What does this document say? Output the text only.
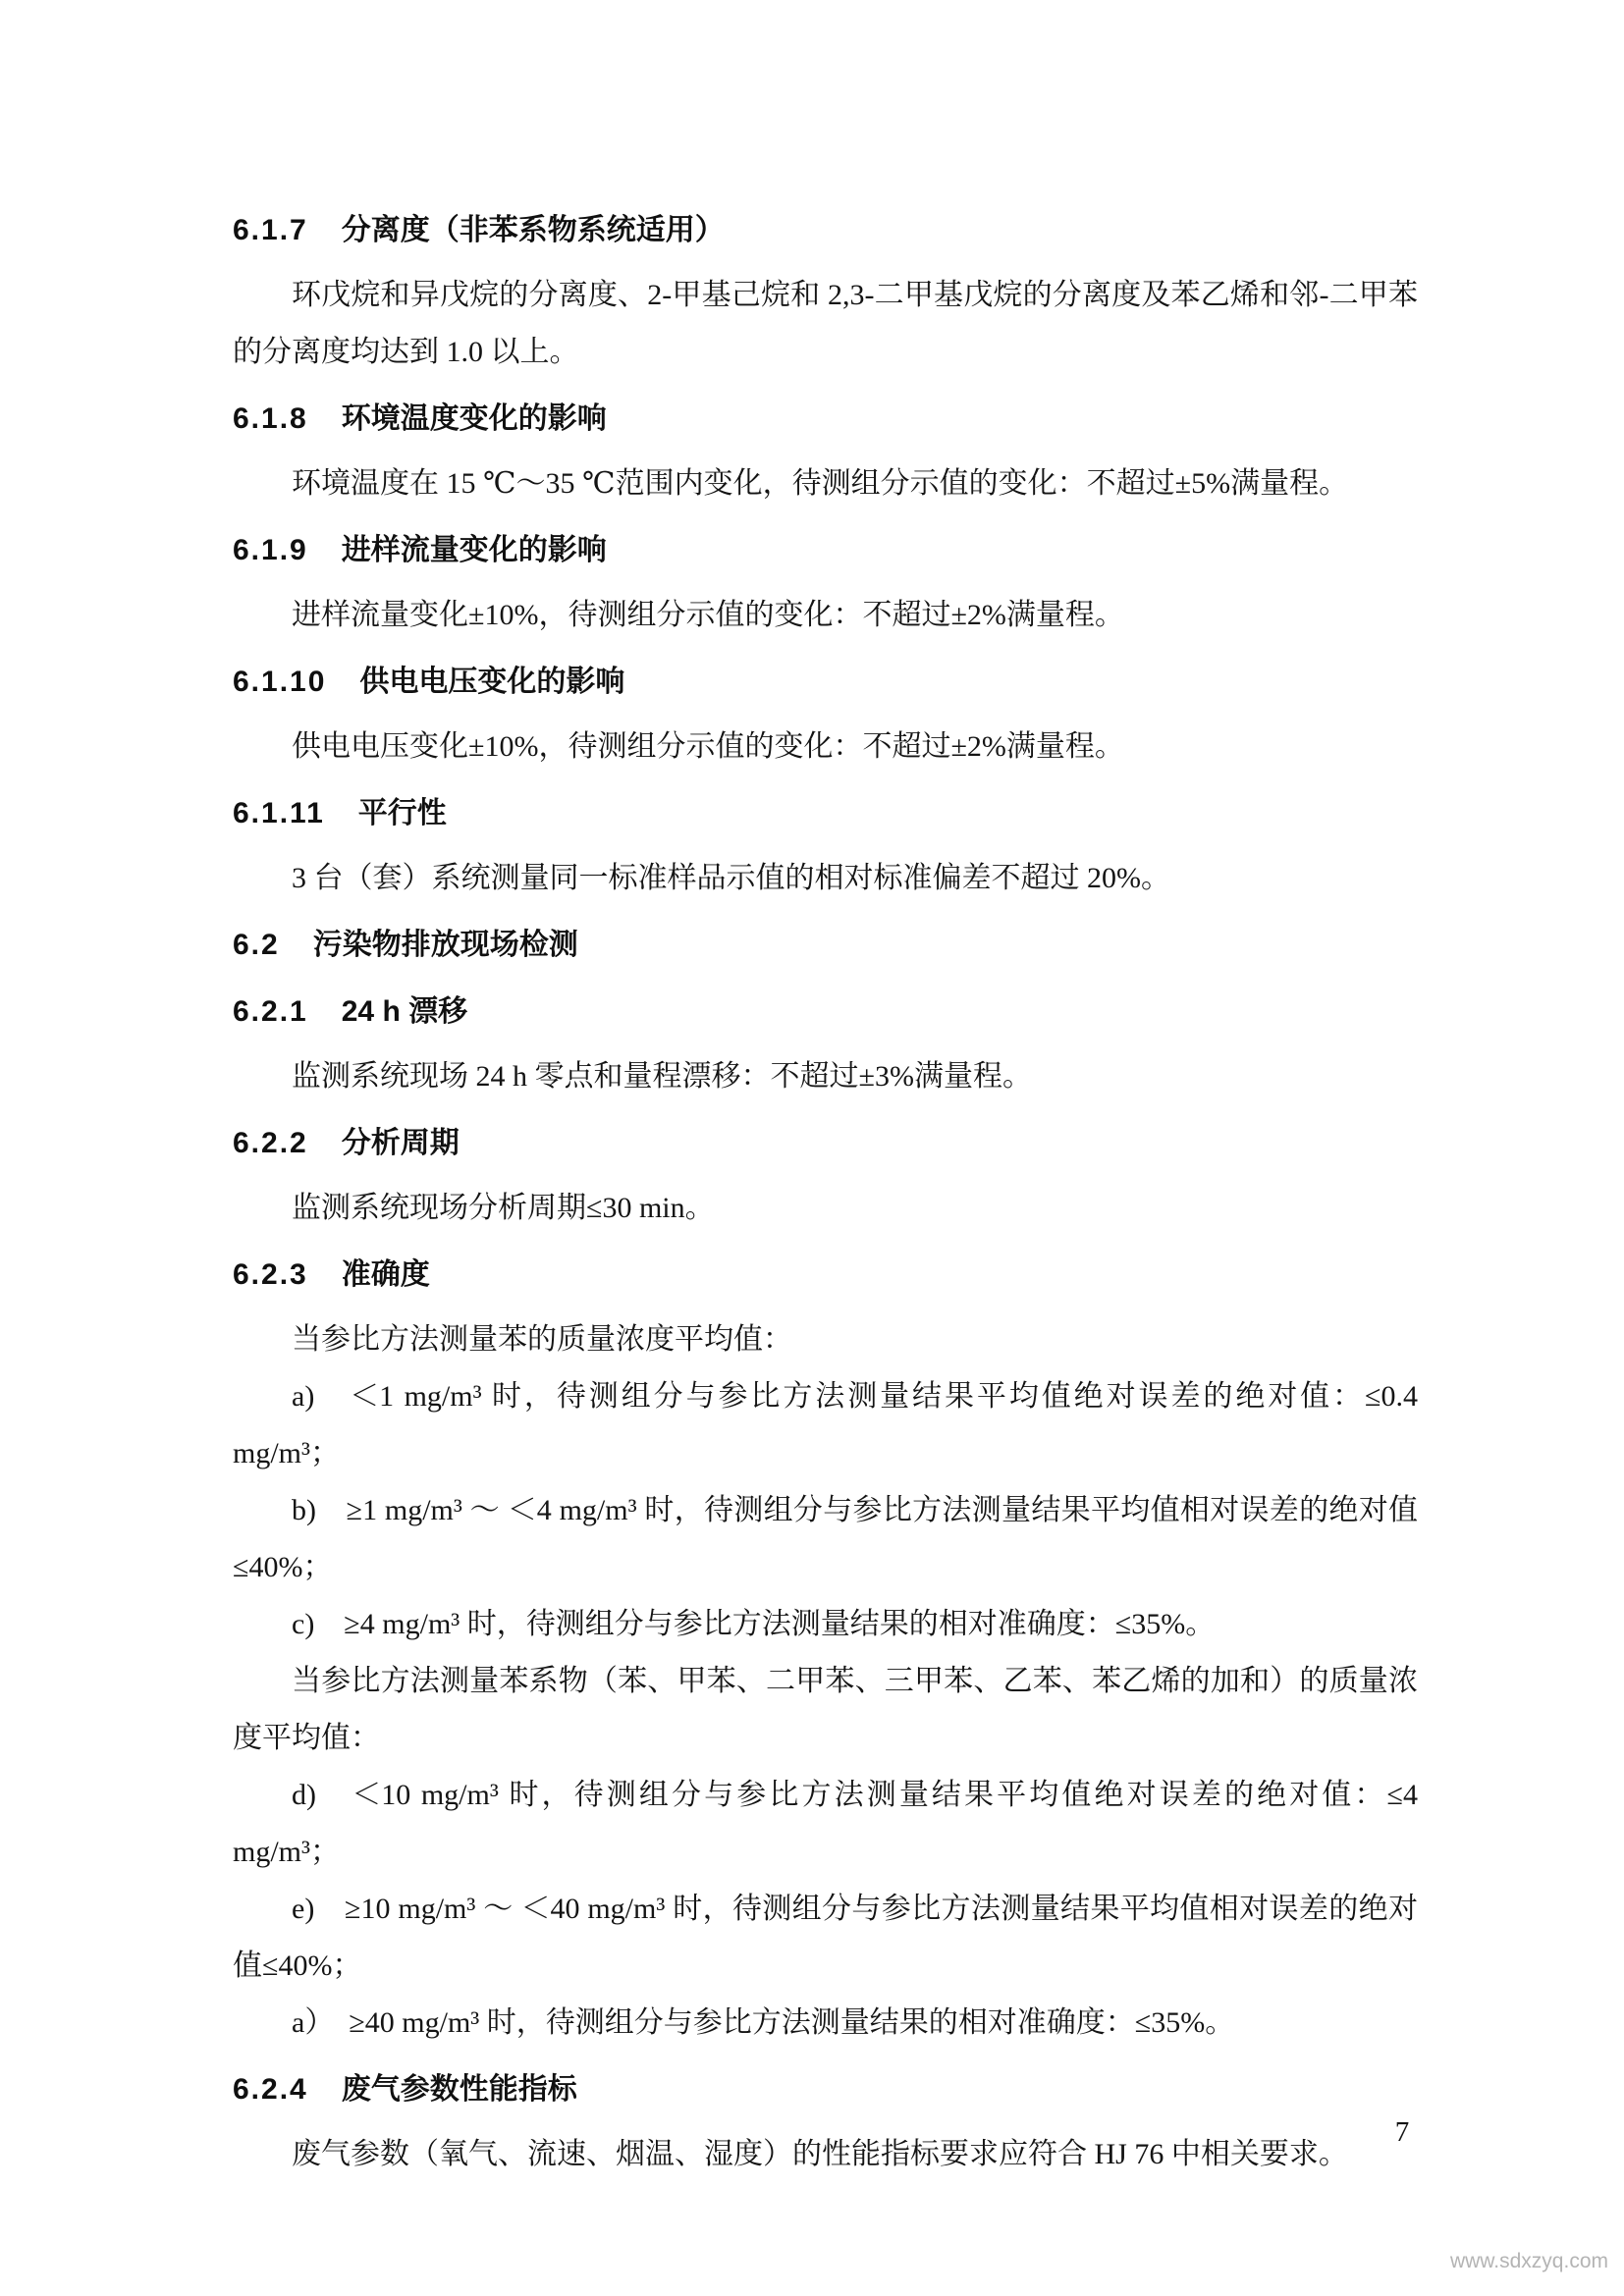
6.1.7 分离度（非苯系物系统适用）

环戊烷和异戊烷的分离度、2-甲基己烷和 2,3-二甲基戊烷的分离度及苯乙烯和邻-二甲苯的分离度均达到 1.0 以上。

6.1.8 环境温度变化的影响

环境温度在 15 ℃～35 ℃范围内变化，待测组分示值的变化：不超过±5%满量程。

6.1.9 进样流量变化的影响

进样流量变化±10%，待测组分示值的变化：不超过±2%满量程。

6.1.10 供电电压变化的影响

供电电压变化±10%，待测组分示值的变化：不超过±2%满量程。

6.1.11 平行性

3 台（套）系统测量同一标准样品示值的相对标准偏差不超过 20%。

6.2 污染物排放现场检测
6.2.1 24 h 漂移

监测系统现场 24 h 零点和量程漂移：不超过±3%满量程。

6.2.2 分析周期

监测系统现场分析周期≤30 min。

6.2.3 准确度

当参比方法测量苯的质量浓度平均值：

a)　＜1 mg/m³ 时，待测组分与参比方法测量结果平均值绝对误差的绝对值：≤0.4 mg/m³；

b)　≥1 mg/m³ ～ ＜4 mg/m³ 时，待测组分与参比方法测量结果平均值相对误差的绝对值≤40%；

c)　≥4 mg/m³ 时，待测组分与参比方法测量结果的相对准确度：≤35%。

当参比方法测量苯系物（苯、甲苯、二甲苯、三甲苯、乙苯、苯乙烯的加和）的质量浓度平均值：

d)　＜10 mg/m³ 时，待测组分与参比方法测量结果平均值绝对误差的绝对值：≤4 mg/m³；

e)　≥10 mg/m³ ～ ＜40 mg/m³ 时，待测组分与参比方法测量结果平均值相对误差的绝对值≤40%；

a）　≥40 mg/m³ 时，待测组分与参比方法测量结果的相对准确度：≤35%。

6.2.4 废气参数性能指标

废气参数（氧气、流速、烟温、湿度）的性能指标要求应符合 HJ 76 中相关要求。

7
www.sdxzyq.com
